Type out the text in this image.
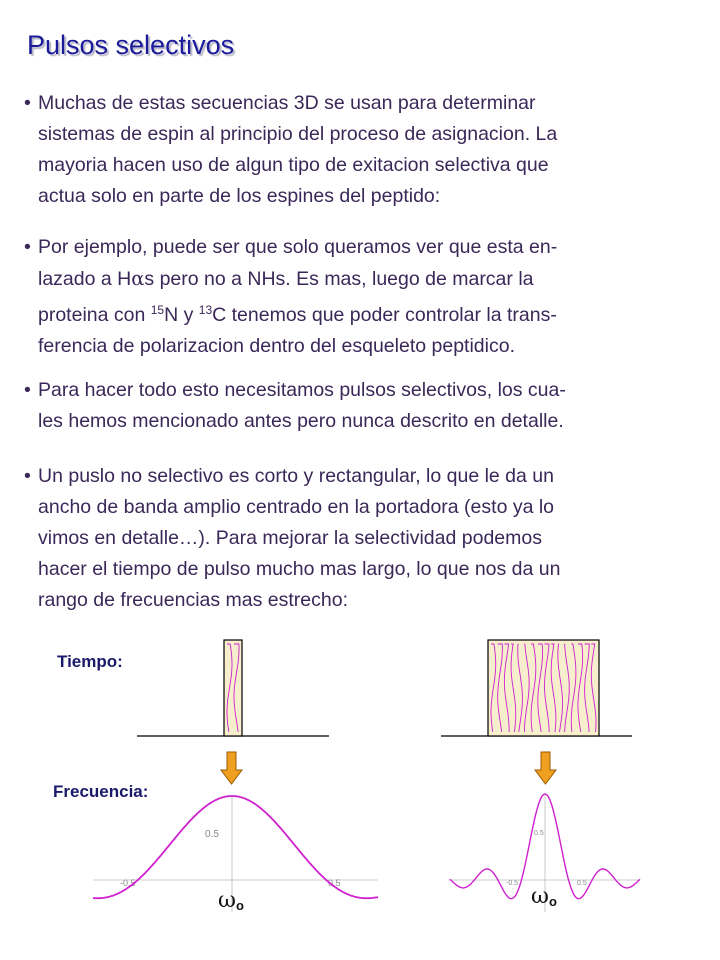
Pulsos selectivos
• Muchas de estas secuencias 3D se usan para determinar
sistemas de espin al principio del proceso de asignacion. La
mayoria hacen uso de algun tipo de exitacion selectiva que
actua solo en parte de los espines del peptido:
• Por ejemplo, puede ser que solo queramos ver que esta en-
lazado a Hαs pero no a NHs. Es mas, luego de marcar la
proteina con $^{15}$N y $^{13}$C tenemos que poder controlar la trans-
ferencia de polarizacion dentro del esqueleto peptidico.
• Para hacer todo esto necesitamos pulsos selectivos, los cua-
les hemos mencionado antes pero nunca descrito en detalle.
• Un puslo no selectivo es corto y rectangular, lo que le da un
ancho de banda amplio centrado en la portadora (esto ya lo
vimos en detalle…). Para mejorar la selectividad podemos
hacer el tiempo de pulso mucho mas largo, lo que nos da un
rango de frecuencias mas estrecho:
Tiempo:
Frecuencia:
0.5
-0.5	0.5
0.5
-0.5	0.5
$\omega_o$	$\omega_o$
